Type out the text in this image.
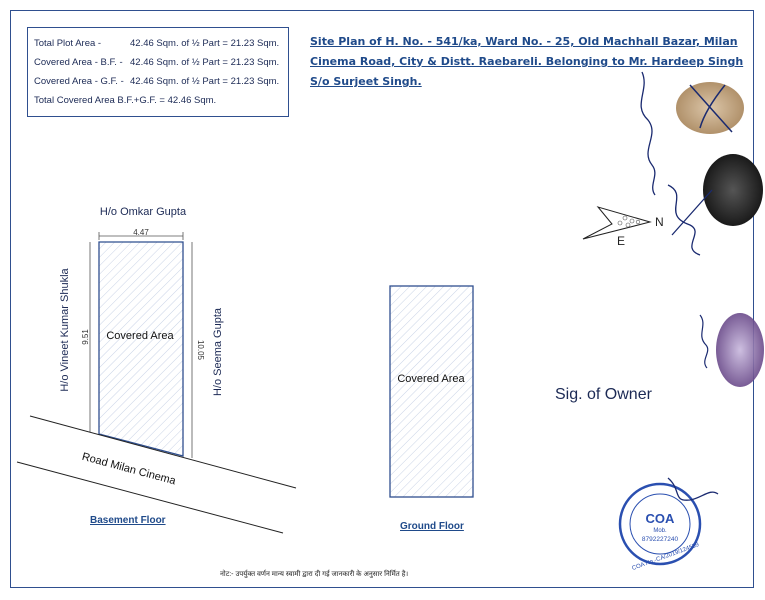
Total Plot Area -	42.46 Sqm. of ½ Part = 21.23 Sqm.
Covered Area - B.F. - 42.46 Sqm. of ½ Part = 21.23 Sqm.
Covered Area - G.F. - 42.46 Sqm. of ½ Part = 21.23 Sqm.
Total Covered Area B.F.+G.F. = 42.46 Sqm.
Site Plan of H. No. - 541/ka, Ward No. - 25, Old Machhall Bazar, Milan Cinema Road, City & Distt. Raebareli. Belonging to Mr. Hardeep Singh S/o Surjeet Singh.
4.47
9.51
10.05
Covered Area
H/o Omkar Gupta
H/o Vineet Kumar Shukla	H/o Seema Gupta
Road Milan Cinema
Covered Area
N
E
COA
Mob.
8792227240
COA No.-CA/2019/124559
Sig. of Owner
Basement Floor
Ground Floor
नोट:- उपर्युक्त वर्णन मान्य स्वामी द्वारा दी गई जानकारी के अनुसार निर्मित है।
